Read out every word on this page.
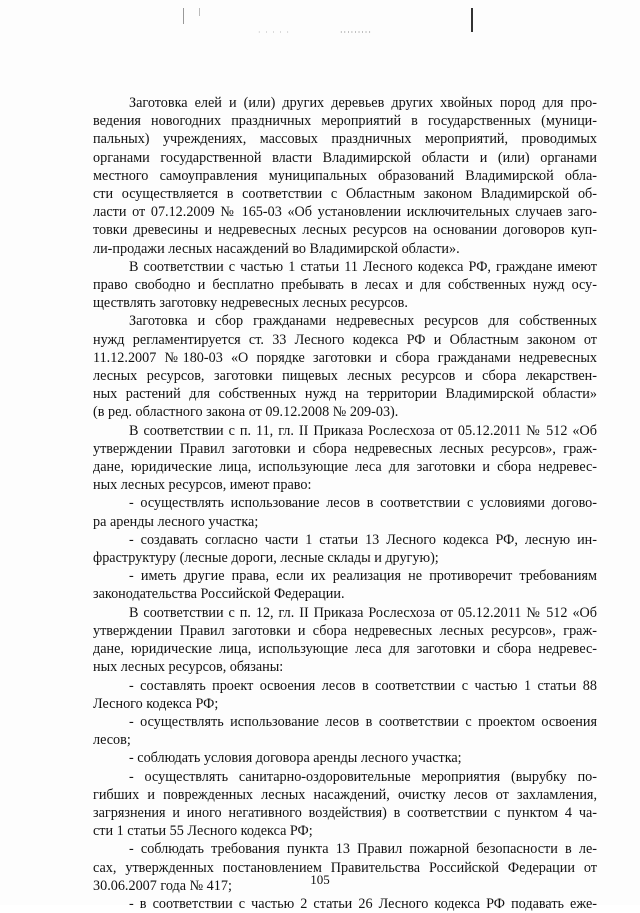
· · · · ·	·········
Заготовка елей и (или) других деревьев других хвойных пород для про-
ведения новогодних праздничных мероприятий в государственных (муници-
пальных) учреждениях, массовых праздничных мероприятий, проводимых
органами государственной власти Владимирской области и (или) органами
местного самоуправления муниципальных образований Владимирской обла-
сти осуществляется в соответствии с Областным законом Владимирской об-
ласти от 07.12.2009 № 165-03 «Об установлении исключительных случаев заго-
товки древесины и недревесных лесных ресурсов на основании договоров куп-
ли-продажи лесных насаждений во Владимирской области».
В соответствии с частью 1 статьи 11 Лесного кодекса РФ, граждане имеют
право свободно и бесплатно пребывать в лесах и для собственных нужд осу-
ществлять заготовку недревесных лесных ресурсов.
Заготовка и сбор гражданами недревесных ресурсов для собственных
нужд регламентируется ст. 33 Лесного кодекса РФ и Областным законом от
11.12.2007 №180-03 «О порядке заготовки и сбора гражданами недревесных
лесных ресурсов, заготовки пищевых лесных ресурсов и сбора лекарствен-
ных растений для собственных нужд на территории Владимирской области»
(в ред. областного закона от 09.12.2008 № 209-03).
В соответствии с п. 11, гл. II Приказа Рослесхоза от 05.12.2011 № 512 «Об
утверждении Правил заготовки и сбора недревесных лесных ресурсов», граж-
дане, юридические лица, использующие леса для заготовки и сбора недревес-
ных лесных ресурсов, имеют право:
- осуществлять использование лесов в соответствии с условиями догово-
ра аренды лесного участка;
- создавать согласно части 1 статьи 13 Лесного кодекса РФ, лесную ин-
фраструктуру (лесные дороги, лесные склады и другую);
- иметь другие права, если их реализация не противоречит требованиям
законодательства Российской Федерации.
В соответствии с п. 12, гл. II Приказа Рослесхоза от 05.12.2011 № 512 «Об
утверждении Правил заготовки и сбора недревесных лесных ресурсов», граж-
дане, юридические лица, использующие леса для заготовки и сбора недревес-
ных лесных ресурсов, обязаны:
- составлять проект освоения лесов в соответствии с частью 1 статьи 88
Лесного кодекса РФ;
- осуществлять использование лесов в соответствии с проектом освоения
лесов;
- соблюдать условия договора аренды лесного участка;
- осуществлять санитарно-оздоровительные мероприятия (вырубку по-
гибших и поврежденных лесных насаждений, очистку лесов от захламления,
загрязнения и иного негативного воздействия) в соответствии с пунктом 4 ча-
сти 1 статьи 55 Лесного кодекса РФ;
- соблюдать требования пункта 13 Правил пожарной безопасности в ле-
сах, утвержденных постановлением Правительства Российской Федерации от
30.06.2007 года № 417;
- в соответствии с частью 2 статьи 26 Лесного кодекса РФ подавать еже-
105
